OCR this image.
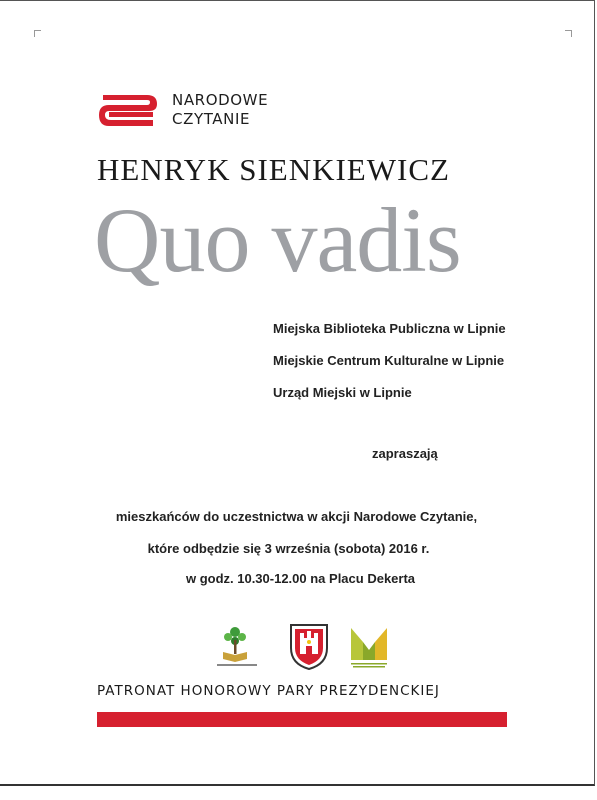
NARODOWE
CZYTANIE
HENRYK SIENKIEWICZ
Quo vadis
Miejska Biblioteka Publiczna w Lipnie
Miejskie Centrum Kulturalne w Lipnie
Urząd Miejski w Lipnie
zapraszają
mieszkańców do uczestnictwa w akcji Narodowe Czytanie,
które odbędzie się 3 września (sobota) 2016 r.
w godz. 10.30-12.00 na Placu Dekerta
PATRONAT HONOROWY PARY PREZYDENCKIEJ
